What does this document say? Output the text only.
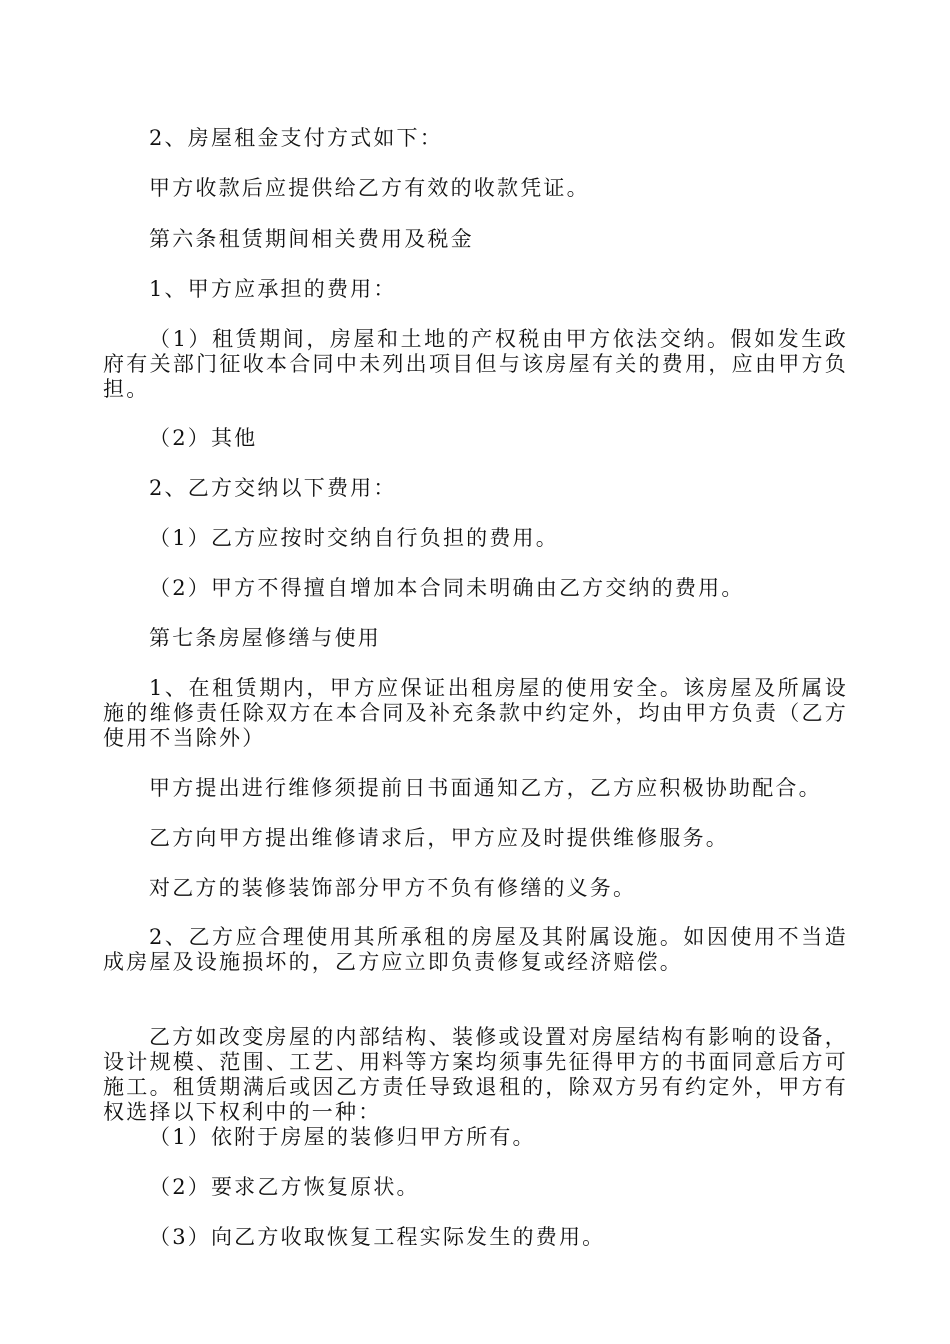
2、房屋租金支付方式如下：
甲方收款后应提供给乙方有效的收款凭证。
第六条租赁期间相关费用及税金
1、甲方应承担的费用：
（1）租赁期间，房屋和土地的产权税由甲方依法交纳。假如发生政府有关部门征收本合同中未列出项目但与该房屋有关的费用，应由甲方负担。
（2）其他
2、乙方交纳以下费用：
（1）乙方应按时交纳自行负担的费用。
（2）甲方不得擅自增加本合同未明确由乙方交纳的费用。
第七条房屋修缮与使用
1、在租赁期内，甲方应保证出租房屋的使用安全。该房屋及所属设施的维修责任除双方在本合同及补充条款中约定外，均由甲方负责（乙方使用不当除外）
甲方提出进行维修须提前日书面通知乙方，乙方应积极协助配合。
乙方向甲方提出维修请求后，甲方应及时提供维修服务。
对乙方的装修装饰部分甲方不负有修缮的义务。
2、乙方应合理使用其所承租的房屋及其附属设施。如因使用不当造成房屋及设施损坏的，乙方应立即负责修复或经济赔偿。
乙方如改变房屋的内部结构、装修或设置对房屋结构有影响的设备，设计规模、范围、工艺、用料等方案均须事先征得甲方的书面同意后方可施工。租赁期满后或因乙方责任导致退租的，除双方另有约定外，甲方有权选择以下权利中的一种：
（1）依附于房屋的装修归甲方所有。
（2）要求乙方恢复原状。
（3）向乙方收取恢复工程实际发生的费用。
